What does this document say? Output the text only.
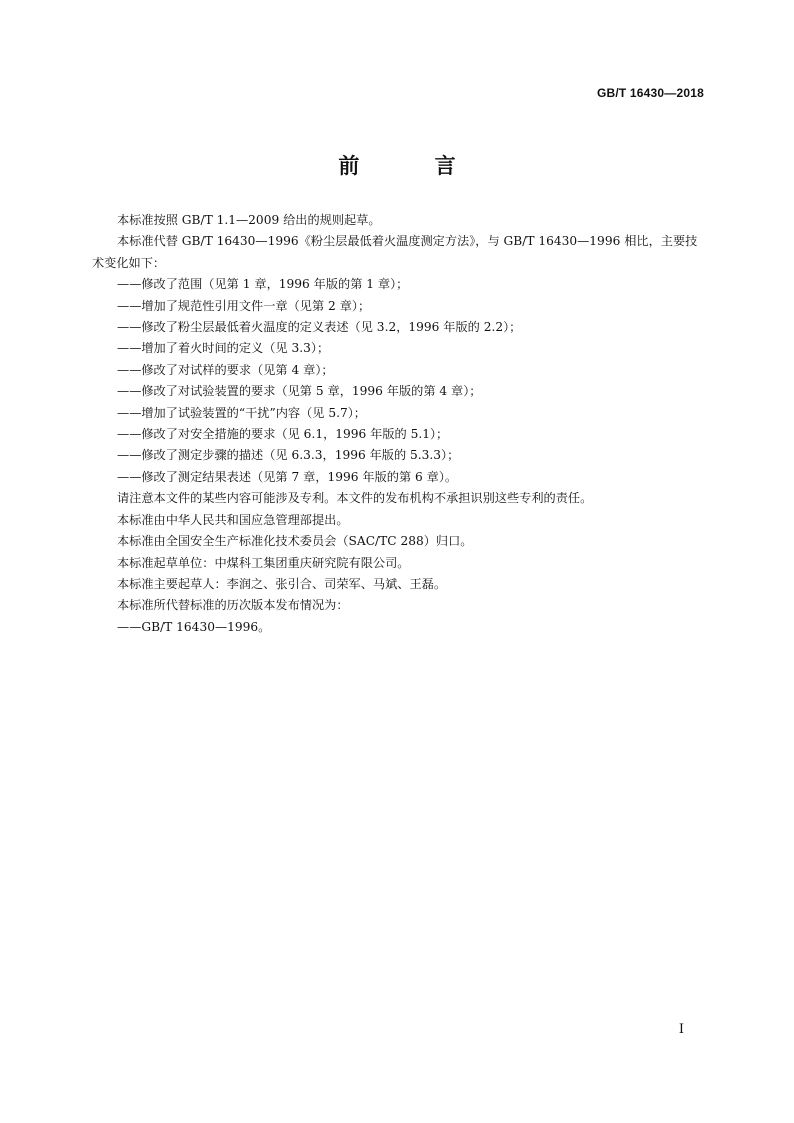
GB/T 16430—2018
前 言

本标准按照 GB/T 1.1—2009 给出的规则起草。

本标准代替 GB/T 16430—1996《粉尘层最低着火温度测定方法》，与 GB/T 16430—1996 相比，主要技术变化如下：

——修改了范围（见第 1 章，1996 年版的第 1 章）；

——增加了规范性引用文件一章（见第 2 章）；

——修改了粉尘层最低着火温度的定义表述（见 3.2，1996 年版的 2.2）；

——增加了着火时间的定义（见 3.3）；

——修改了对试样的要求（见第 4 章）；

——修改了对试验装置的要求（见第 5 章，1996 年版的第 4 章）；

——增加了试验装置的“干扰”内容（见 5.7）；

——修改了对安全措施的要求（见 6.1，1996 年版的 5.1）；

——修改了测定步骤的描述（见 6.3.3，1996 年版的 5.3.3）；

——修改了测定结果表述（见第 7 章，1996 年版的第 6 章）。

请注意本文件的某些内容可能涉及专利。本文件的发布机构不承担识别这些专利的责任。

本标准由中华人民共和国应急管理部提出。

本标准由全国安全生产标准化技术委员会（SAC/TC 288）归口。

本标准起草单位：中煤科工集团重庆研究院有限公司。

本标准主要起草人：李润之、张引合、司荣军、马斌、王磊。

本标准所代替标准的历次版本发布情况为：

——GB/T 16430—1996。

I
